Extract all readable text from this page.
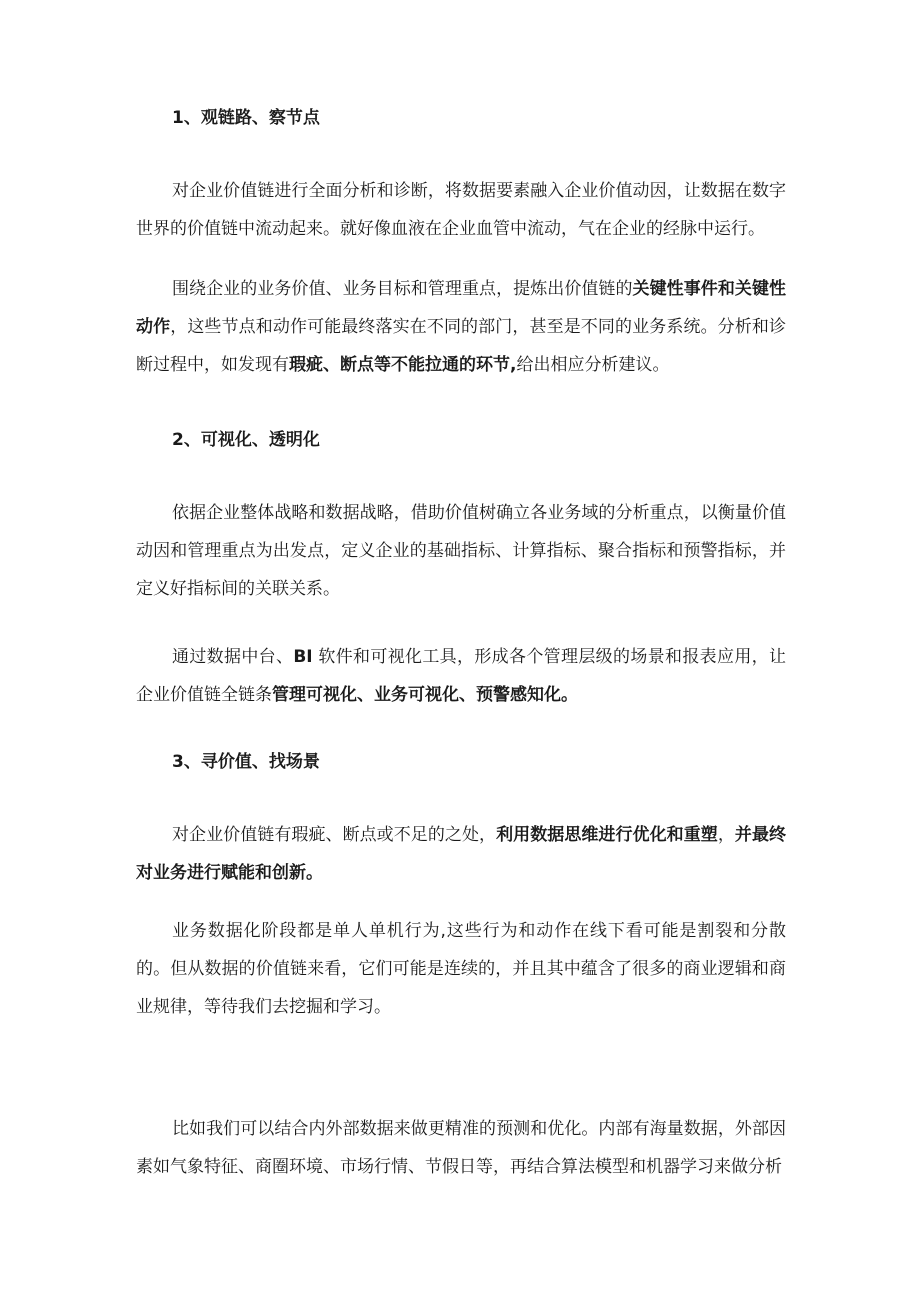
1、观链路、察节点

对企业价值链进行全面分析和诊断，将数据要素融入企业价值动因，让数据在数字世界的价值链中流动起来。就好像血液在企业血管中流动，气在企业的经脉中运行。

围绕企业的业务价值、业务目标和管理重点，提炼出价值链的关键性事件和关键性动作，这些节点和动作可能最终落实在不同的部门，甚至是不同的业务系统。分析和诊断过程中，如发现有瑕疵、断点等不能拉通的环节,给出相应分析建议。

2、可视化、透明化

依据企业整体战略和数据战略，借助价值树确立各业务域的分析重点，以衡量价值动因和管理重点为出发点，定义企业的基础指标、计算指标、聚合指标和预警指标，并定义好指标间的关联关系。

通过数据中台、BI 软件和可视化工具，形成各个管理层级的场景和报表应用，让企业价值链全链条管理可视化、业务可视化、预警感知化。

3、寻价值、找场景

对企业价值链有瑕疵、断点或不足的之处，利用数据思维进行优化和重塑，并最终对业务进行赋能和创新。

业务数据化阶段都是单人单机行为,这些行为和动作在线下看可能是割裂和分散的。但从数据的价值链来看，它们可能是连续的，并且其中蕴含了很多的商业逻辑和商业规律，等待我们去挖掘和学习。

比如我们可以结合内外部数据来做更精准的预测和优化。内部有海量数据，外部因素如气象特征、商圈环境、市场行情、节假日等，再结合算法模型和机器学习来做分析
